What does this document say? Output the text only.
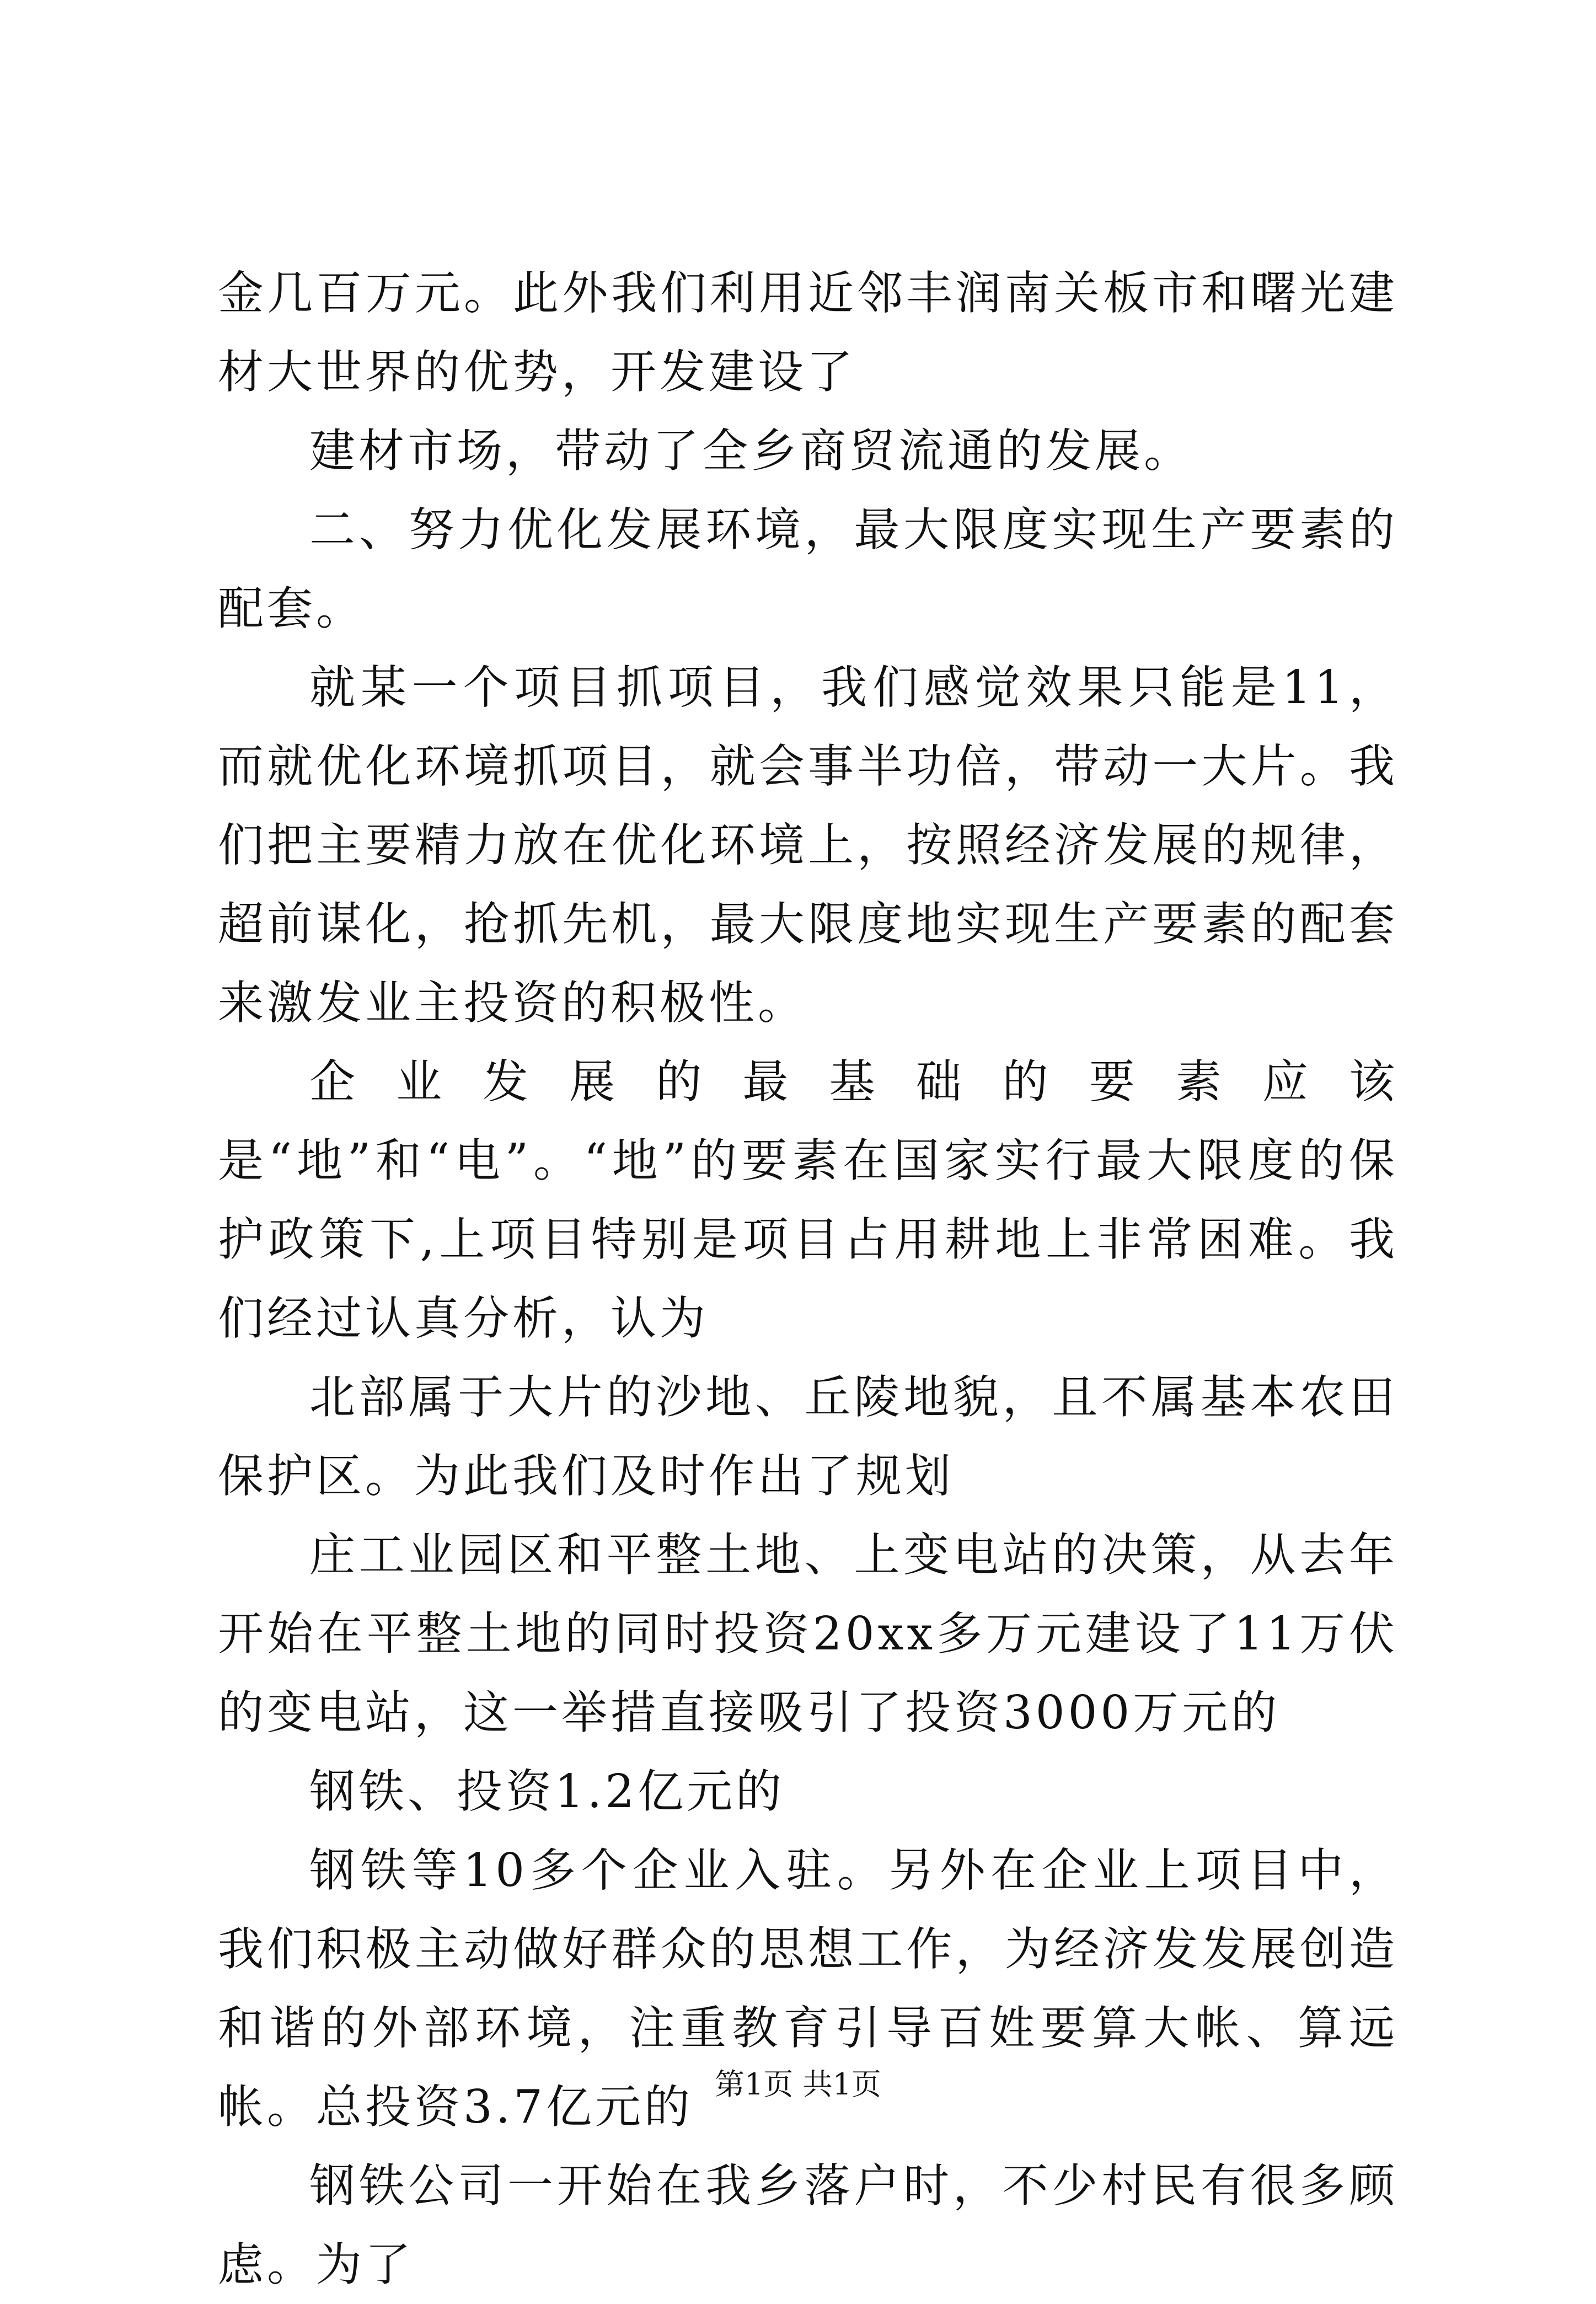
金几百万元。此外我们利用近邻丰润南关板市和曙光建材大世界的优势，开发建设了

建材市场，带动了全乡商贸流通的发展。

二、努力优化发展环境，最大限度实现生产要素的配套。

就某一个项目抓项目，我们感觉效果只能是11，而就优化环境抓项目，就会事半功倍，带动一大片。我们把主要精力放在优化环境上，按照经济发展的规律，超前谋化，抢抓先机，最大限度地实现生产要素的配套来激发业主投资的积极性。

企业发展的最基础的要素应该是“地”和“电”。“地”的要素在国家实行最大限度的保护政策下,上项目特别是项目占用耕地上非常困难。我们经过认真分析，认为

北部属于大片的沙地、丘陵地貌，且不属基本农田保护区。为此我们及时作出了规划

庄工业园区和平整土地、上变电站的决策，从去年开始在平整土地的同时投资20xx多万元建设了11万伏的变电站，这一举措直接吸引了投资3000万元的

钢铁、投资1.2亿元的

钢铁等10多个企业入驻。另外在企业上项目中，我们积极主动做好群众的思想工作，为经济发发展创造和谐的外部环境，注重教育引导百姓要算大帐、算远帐。总投资3.7亿元的

钢铁公司一开始在我乡落户时，不少村民有很多顾虑。为了

第1页 共1页
